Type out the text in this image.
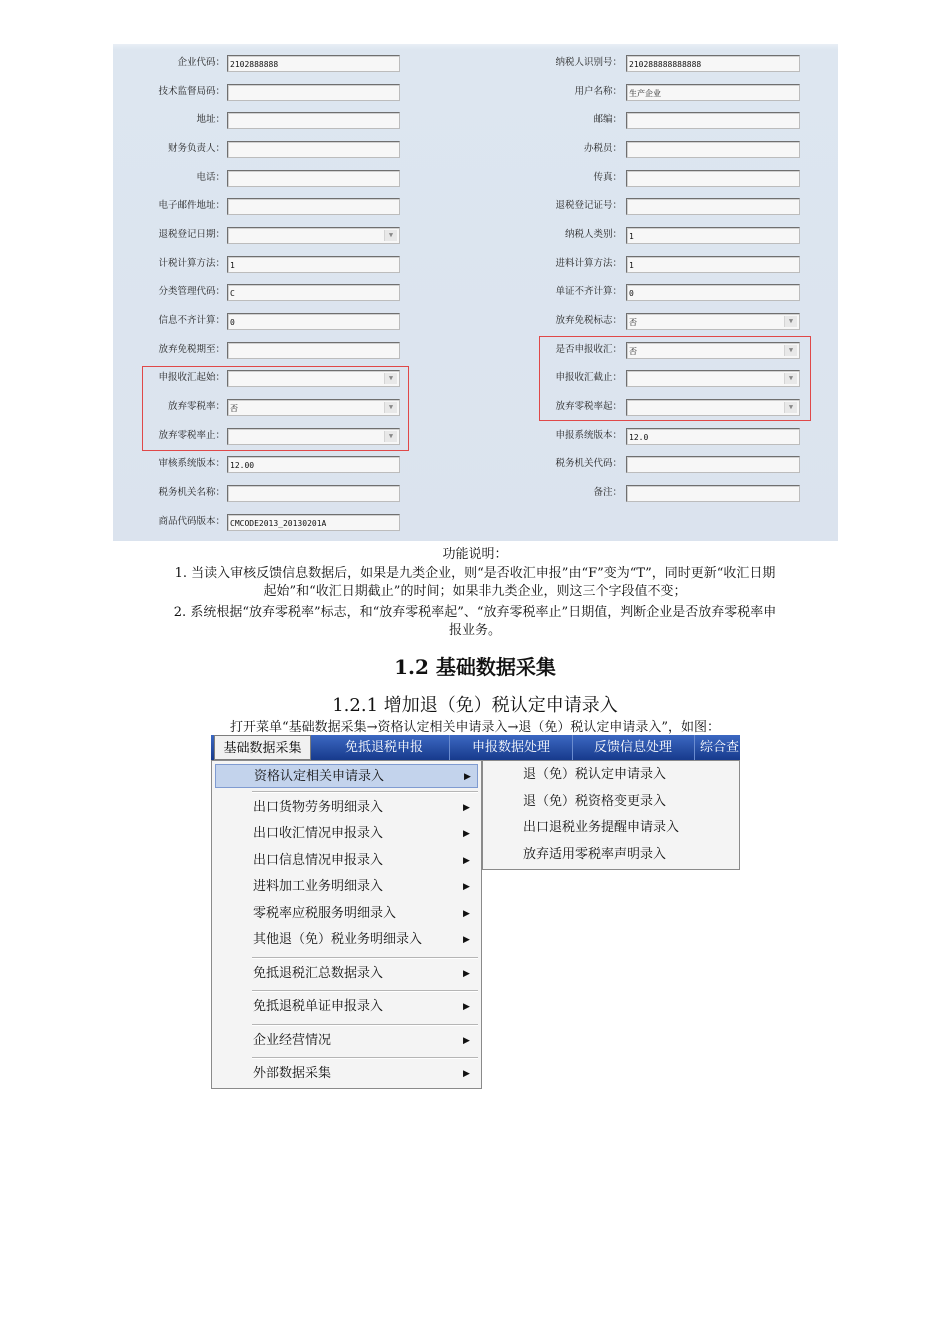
企业代码： 2102888888	纳税人识别号： 210288888888888
技术监督局码：	用户名称： 生产企业
地址：	邮编：
财务负责人：	办税员：
电话：	传真：
电子邮件地址：	退税登记证号：
退税登记日期：	▼	纳税人类别： 1
计税计算方法： 1	进料计算方法： 1
分类管理代码： C	单证不齐计算： 0
信息不齐计算： 0	放弃免税标志： 否	▼
放弃免税期至：	是否申报收汇： 否	▼
申报收汇起始：	▼	申报收汇截止：	▼
放弃零税率： 否	▼	放弃零税率起：	▼
放弃零税率止：	▼	申报系统版本： 12.0
审核系统版本： 12.00	税务机关代码：
税务机关名称：	备注：
商品代码版本： CMCODE2013_20130201A
功能说明：
1. 当读入审核反馈信息数据后，如果是九类企业，则“是否收汇申报”由“F”变为“T”，同时更新“收汇日期
起始”和“收汇日期截止”的时间；如果非九类企业，则这三个字段值不变；
2. 系统根据“放弃零税率”标志，和“放弃零税率起”、“放弃零税率止”日期值，判断企业是否放弃零税率申
报业务。
1.2 基础数据采集
1.2.1 增加退（免）税认定申请录入
打开菜单“基础数据采集→资格认定相关申请录入→退（免）税认定申请录入”，如图：
基础数据采集	免抵退税申报	申报数据处理	反馈信息处理	综合查
资格认定相关申请录入	▶
出口货物劳务明细录入	▶
出口收汇情况申报录入	▶
出口信息情况申报录入	▶
进料加工业务明细录入	▶
零税率应税服务明细录入	▶
其他退（免）税业务明细录入	▶
免抵退税汇总数据录入	▶
免抵退税单证申报录入	▶
企业经营情况	▶
外部数据采集	▶
退（免）税认定申请录入
退（免）税资格变更录入
出口退税业务提醒申请录入
放弃适用零税率声明录入
